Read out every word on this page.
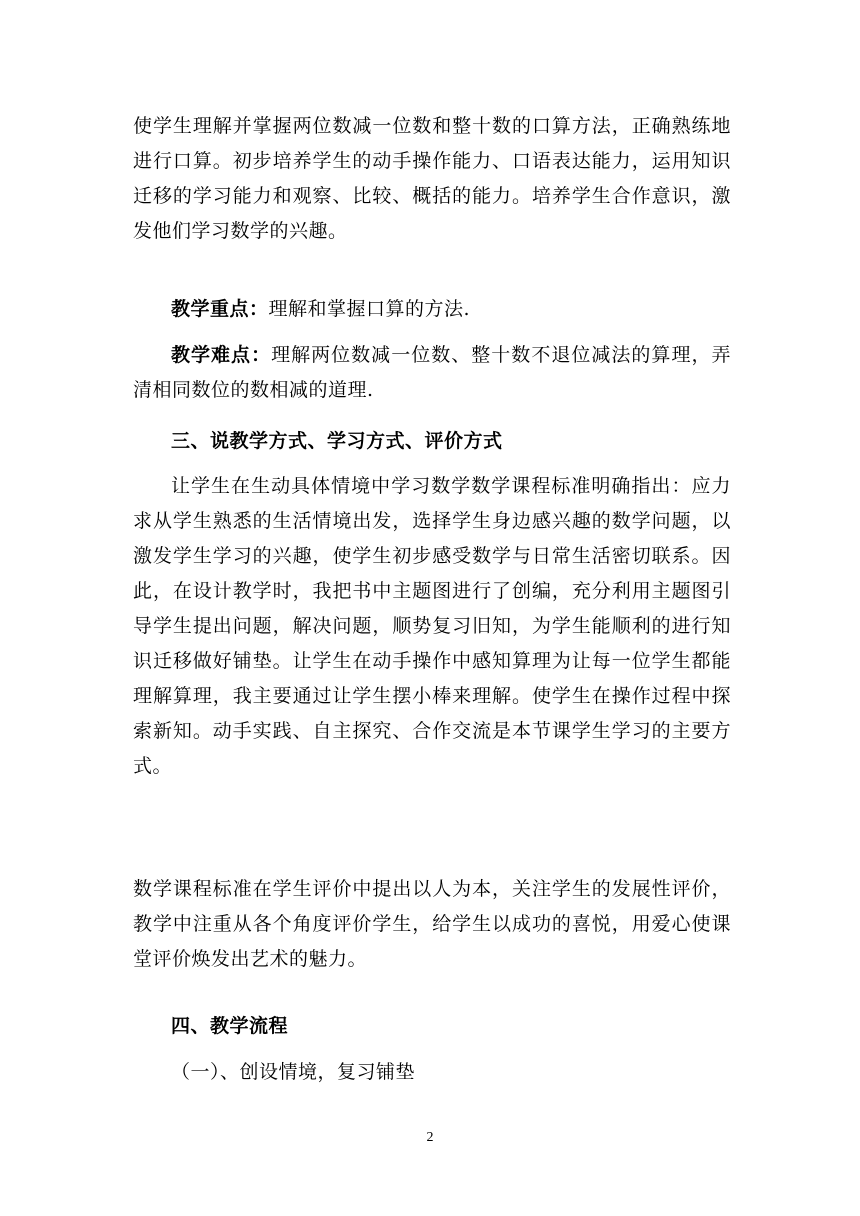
使学生理解并掌握两位数减一位数和整十数的口算方法，正确熟练地进行口算。初步培养学生的动手操作能力、口语表达能力，运用知识迁移的学习能力和观察、比较、概括的能力。培养学生合作意识，激发他们学习数学的兴趣。

教学重点：理解和掌握口算的方法.

教学难点：理解两位数减一位数、整十数不退位减法的算理，弄清相同数位的数相减的道理.

三、说教学方式、学习方式、评价方式

让学生在生动具体情境中学习数学数学课程标准明确指出：应力求从学生熟悉的生活情境出发，选择学生身边感兴趣的数学问题，以激发学生学习的兴趣，使学生初步感受数学与日常生活密切联系。因此，在设计教学时，我把书中主题图进行了创编，充分利用主题图引导学生提出问题，解决问题，顺势复习旧知，为学生能顺利的进行知识迁移做好铺垫。让学生在动手操作中感知算理为让每一位学生都能理解算理，我主要通过让学生摆小棒来理解。使学生在操作过程中探索新知。动手实践、自主探究、合作交流是本节课学生学习的主要方式。

数学课程标准在学生评价中提出以人为本，关注学生的发展性评价，教学中注重从各个角度评价学生，给学生以成功的喜悦，用爱心使课堂评价焕发出艺术的魅力。

四、教学流程

（一）、创设情境，复习铺垫

2
